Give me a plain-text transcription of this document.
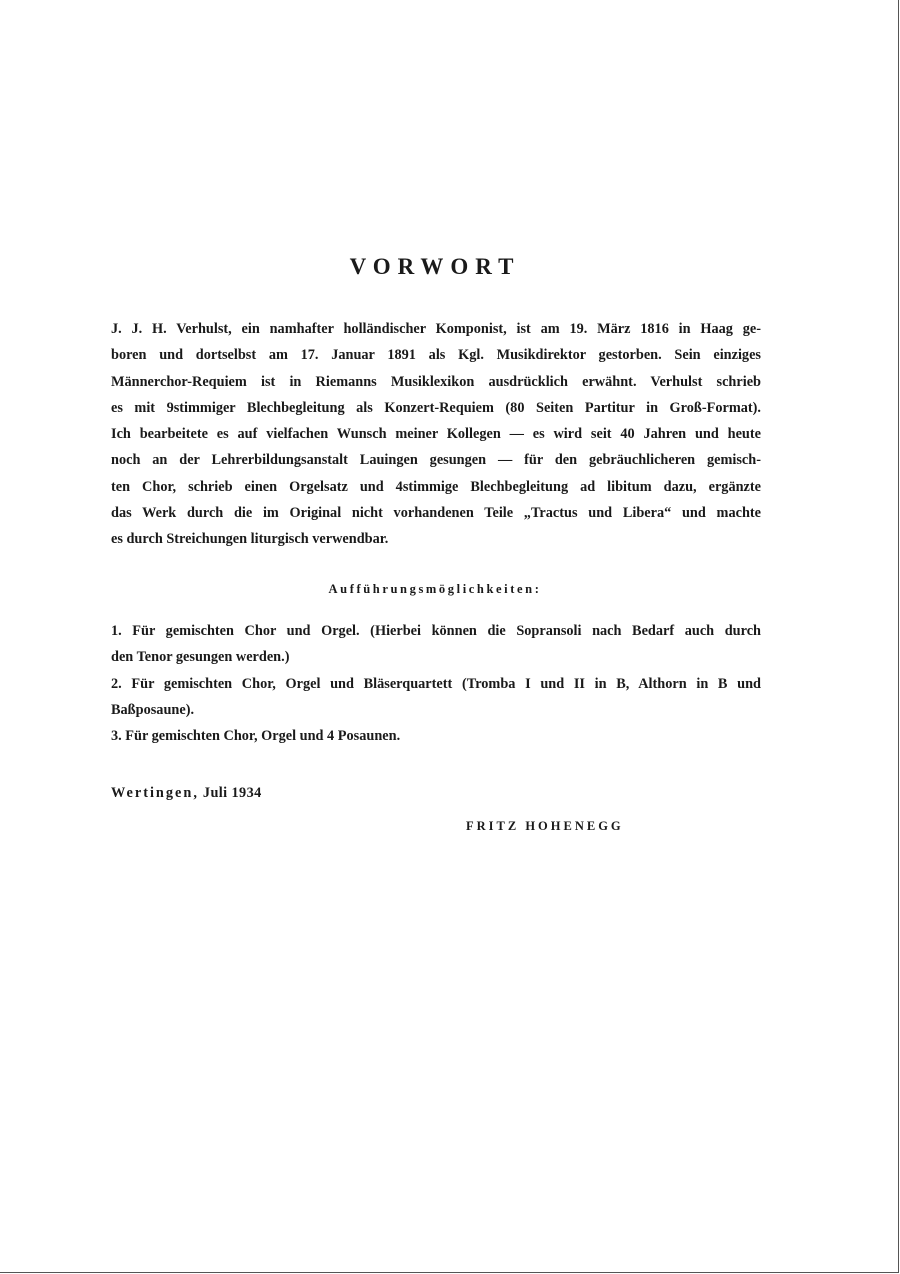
VORWORT
J. J. H. Verhulst, ein namhafter holländischer Komponist, ist am 19. März 1816 in Haag ge-
boren und dortselbst am 17. Januar 1891 als Kgl. Musikdirektor gestorben. Sein einziges
Männerchor-Requiem ist in Riemanns Musiklexikon ausdrücklich erwähnt. Verhulst schrieb
es mit 9stimmiger Blechbegleitung als Konzert-Requiem (80 Seiten Partitur in Groß-Format).
Ich bearbeitete es auf vielfachen Wunsch meiner Kollegen — es wird seit 40 Jahren und heute
noch an der Lehrerbildungsanstalt Lauingen gesungen — für den gebräuchlicheren gemisch-
ten Chor, schrieb einen Orgelsatz und 4stimmige Blechbegleitung ad libitum dazu, ergänzte
das Werk durch die im Original nicht vorhandenen Teile „Tractus und Libera“ und machte
es durch Streichungen liturgisch verwendbar.
Aufführungsmöglichkeiten:
1. Für gemischten Chor und Orgel. (Hierbei können die Sopransoli nach Bedarf auch durch
den Tenor gesungen werden.)
2. Für gemischten Chor, Orgel und Bläserquartett (Tromba I und II in B, Althorn in B und
Baßposaune).
3. Für gemischten Chor, Orgel und 4 Posaunen.
Wertingen, Juli 1934
FRITZ HOHENEGG
